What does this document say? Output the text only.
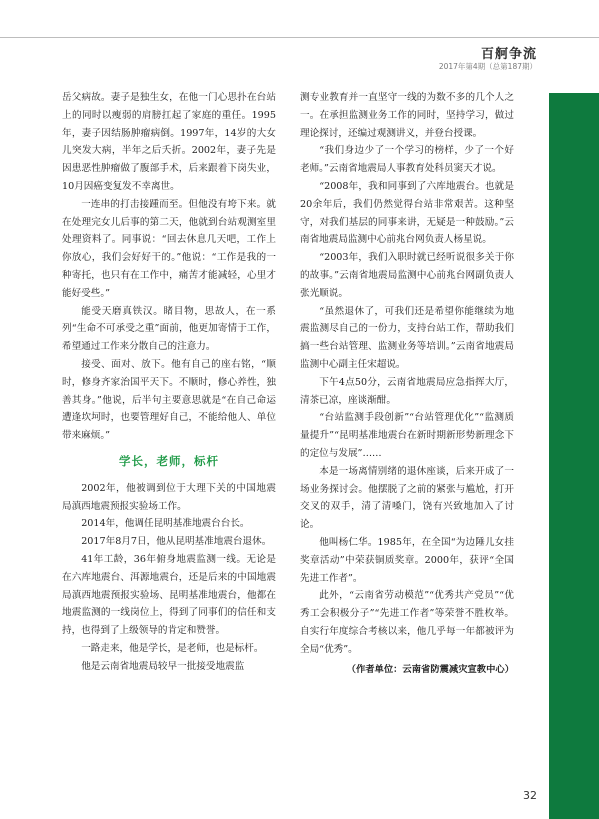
百舸争流
2017年第4期（总第187期）

岳父病故。妻子是独生女，在他一门心思扑在台站上的同时以瘦弱的肩膀扛起了家庭的重任。1995年，妻子因结肠肿瘤病倒。1997年，14岁的大女儿突发大病，半年之后夭折。2002年，妻子先是因患恶性肿瘤做了腹部手术，后来跟着下岗失业，10月因癌变复发不幸离世。

一连串的打击接踵而至。但他没有垮下来。就在处理完女儿后事的第二天，他就到台站观测室里处理资料了。同事说：“回去休息几天吧，工作上你放心，我们会好好干的。”他说：“工作是我的一种寄托，也只有在工作中，痛苦才能减轻，心里才能好受些。”

能受天磨真铁汉。睹目物，思故人，在一系列“生命不可承受之重”面前，他更加寄情于工作，希望通过工作来分散自己的注意力。

接受、面对、放下。他有自己的座右铭，“顺时，修身齐家治国平天下。不顺时，修心养性，独善其身。”他说，后半句主要意思就是“在自己命运遭逢坎坷时，也要管理好自己，不能给他人、单位带来麻烦。”

学长，老师，标杆

2002年，他被调到位于大理下关的中国地震局滇西地震预报实验场工作。

2014年，他调任昆明基准地震台台长。

2017年8月7日，他从昆明基准地震台退休。

41年工龄，36年俯身地震监测一线。无论是在六库地震台、洱源地震台，还是后来的中国地震局滇西地震预报实验场、昆明基准地震台，他都在地震监测的一线岗位上，得到了同事们的信任和支持，也得到了上级领导的肯定和赞誉。

一路走来，他是学长，是老师，也是标杆。

他是云南省地震局较早一批接受地震监

测专业教育并一直坚守一线的为数不多的几个人之一。在承担监测业务工作的同时，坚持学习，做过理论探讨，还编过观测讲义，并登台授课。

“我们身边少了一个学习的榜样，少了一个好老师。”云南省地震局人事教育处科员窦天才说。

“2008年，我和同事到了六库地震台。也就是20余年后，我们仍然觉得台站非常艰苦。这种坚守，对我们基层的同事来讲，无疑是一种鼓励。”云南省地震局监测中心前兆台网负责人杨星说。

“2003年，我们入职时就已经听说很多关于你的故事。”云南省地震局监测中心前兆台网副负责人张光顺说。

“虽然退休了，可我们还是希望你能继续为地震监测尽自己的一份力，支持台站工作，帮助我们搞一些台站管理、监测业务等培训。”云南省地震局监测中心副主任宋超说。

下午4点50分，云南省地震局应急指挥大厅，清茶已凉，座谈渐酣。

“台站监测手段创新”“台站管理优化”“监测质量提升”“昆明基准地震台在新时期新形势新理念下的定位与发展”……

本是一场离情别绪的退休座谈，后来开成了一场业务探讨会。他摆脱了之前的紧张与尴尬，打开交叉的双手，清了清嗓门，饶有兴致地加入了讨论。

他叫杨仁华。1985年，在全国“为边陲儿女挂奖章活动”中荣获铜质奖章。2000年，获评“全国先进工作者”。

此外，“云南省劳动模范”“优秀共产党员”“优秀工会积极分子”“先进工作者”等荣誉不胜枚举。自实行年度综合考核以来，他几乎每一年都被评为全局“优秀”。

（作者单位：云南省防震减灾宣教中心）

32
